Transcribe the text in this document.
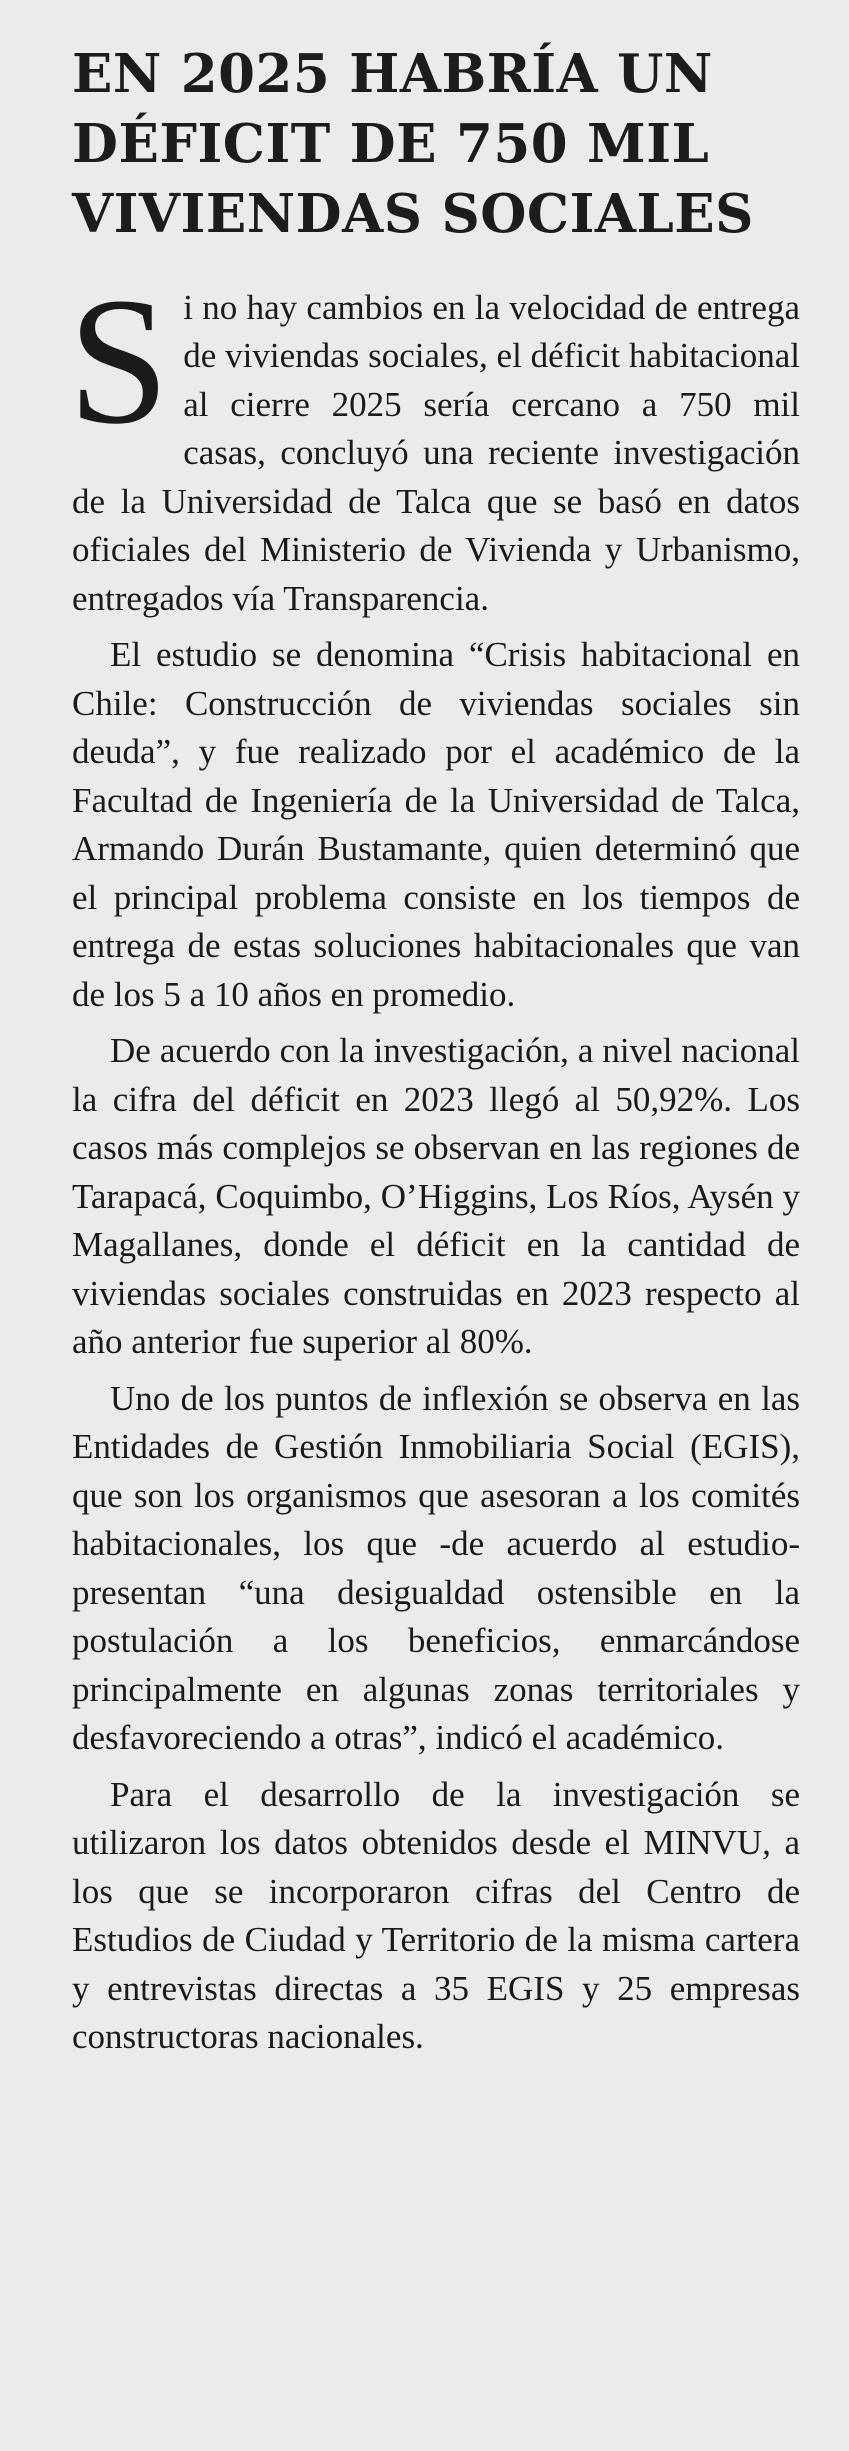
EN 2025 HABRÍA UN DÉFICIT DE 750 MIL VIVIENDAS SOCIALES

Si no hay cambios en la velocidad de entrega de viviendas sociales, el déficit habitacional al cierre 2025 sería cercano a 750 mil casas, concluyó una reciente investigación de la Universidad de Talca que se basó en datos oficiales del Ministerio de Vivienda y Urbanismo, entregados vía Transparencia.

El estudio se denomina “Crisis habitacional en Chile: Construcción de viviendas sociales sin deuda”, y fue realizado por el académico de la Facultad de Ingeniería de la Universidad de Talca, Armando Durán Bustamante, quien determinó que el principal problema consiste en los tiempos de entrega de estas soluciones habitacionales que van de los 5 a 10 años en promedio.

De acuerdo con la investigación, a nivel nacional la cifra del déficit en 2023 llegó al 50,92%. Los casos más complejos se observan en las regiones de Tarapacá, Coquimbo, O’Higgins, Los Ríos, Aysén y Magallanes, donde el déficit en la cantidad de viviendas sociales construidas en 2023 respecto al año anterior fue superior al 80%.

Uno de los puntos de inflexión se observa en las Entidades de Gestión Inmobiliaria Social (EGIS), que son los organismos que asesoran a los comités habitacionales, los que -de acuerdo al estudio- presentan “una desigualdad ostensible en la postulación a los beneficios, enmarcándose principalmente en algunas zonas territoriales y desfavoreciendo a otras”, indicó el académico.

Para el desarrollo de la investigación se utilizaron los datos obtenidos desde el MINVU, a los que se incorporaron cifras del Centro de Estudios de Ciudad y Territorio de la misma cartera y entrevistas directas a 35 EGIS y 25 empresas constructoras nacionales.
